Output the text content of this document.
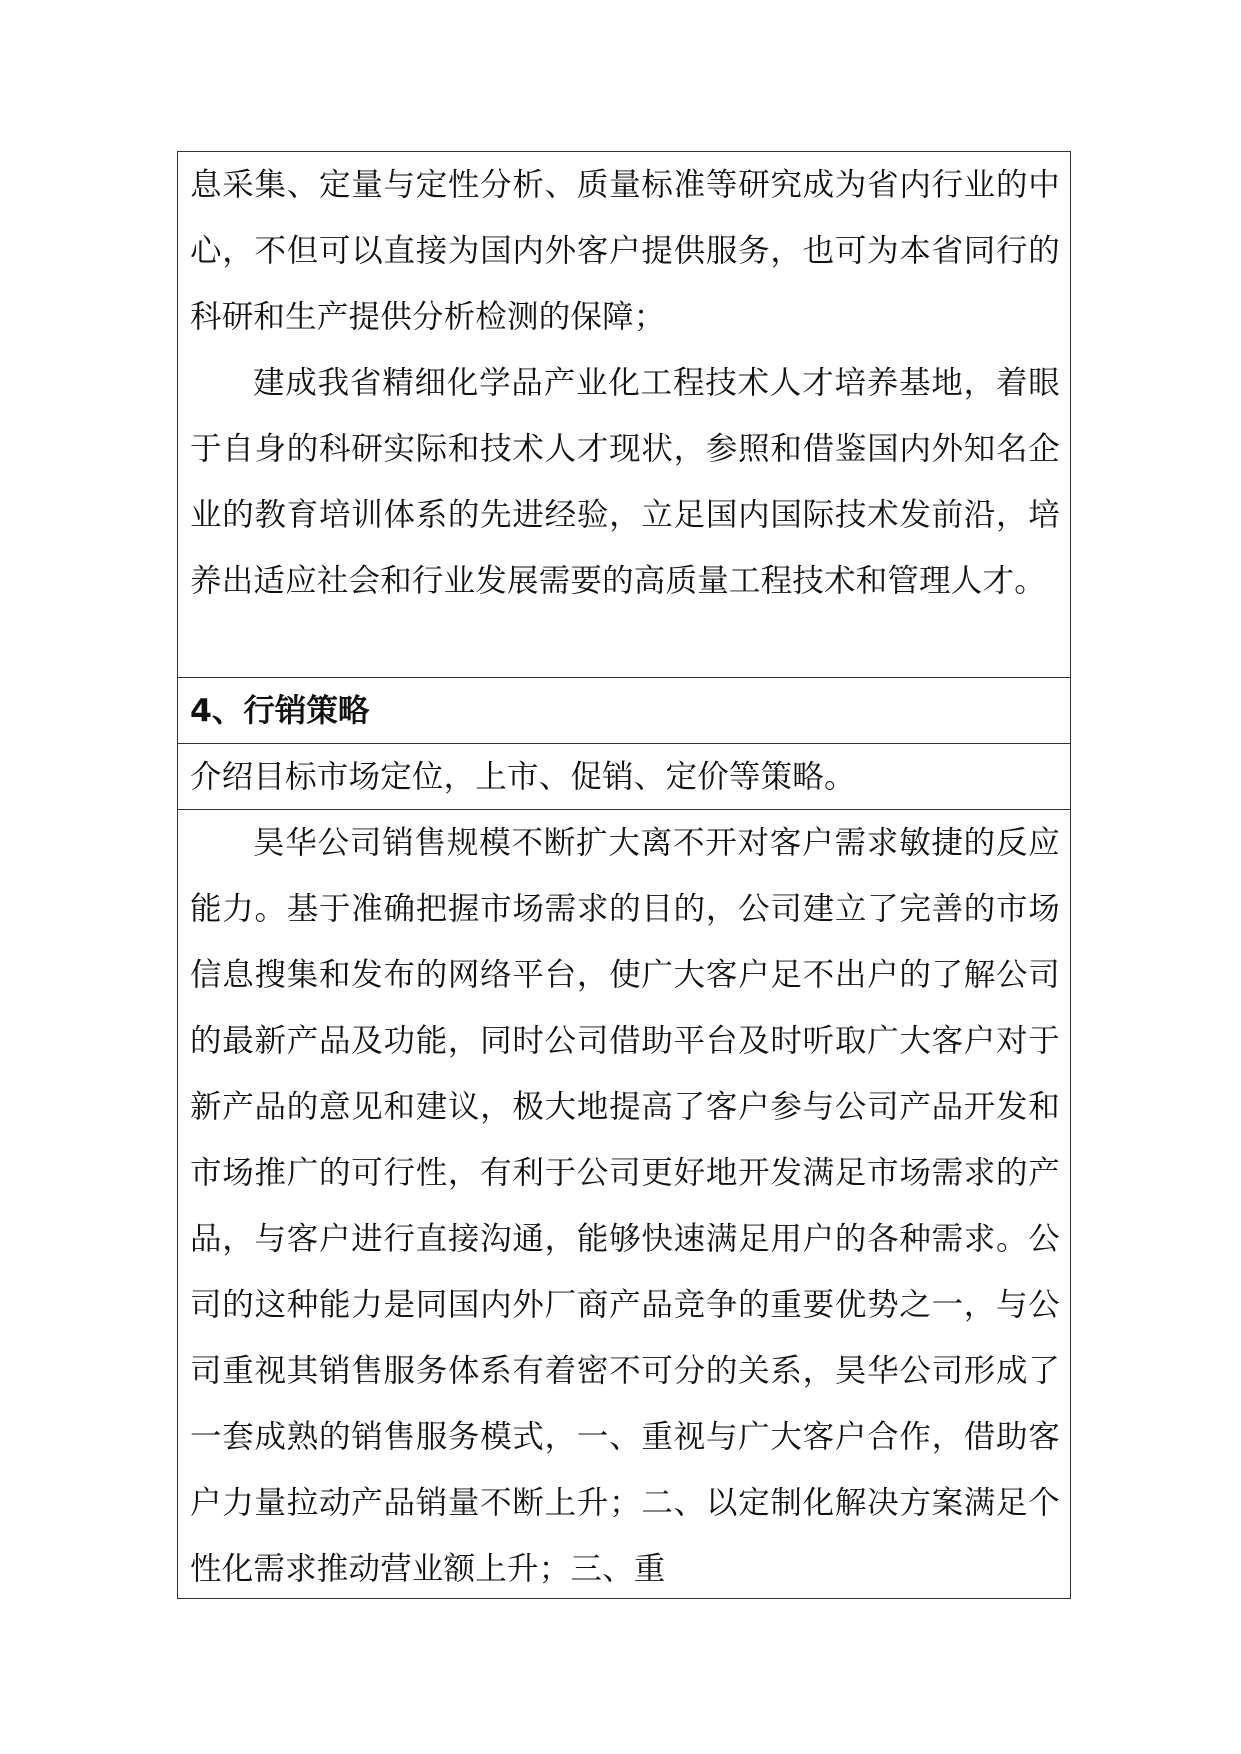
息采集、定量与定性分析、质量标准等研究成为省内行业的中心，不但可以直接为国内外客户提供服务，也可为本省同行的科研和生产提供分析检测的保障；

建成我省精细化学品产业化工程技术人才培养基地，着眼于自身的科研实际和技术人才现状，参照和借鉴国内外知名企业的教育培训体系的先进经验，立足国内国际技术发前沿，培养出适应社会和行业发展需要的高质量工程技术和管理人才。

4、行销策略

介绍目标市场定位，上市、促销、定价等策略。

昊华公司销售规模不断扩大离不开对客户需求敏捷的反应能力。基于准确把握市场需求的目的，公司建立了完善的市场信息搜集和发布的网络平台，使广大客户足不出户的了解公司的最新产品及功能，同时公司借助平台及时听取广大客户对于新产品的意见和建议，极大地提高了客户参与公司产品开发和市场推广的可行性，有利于公司更好地开发满足市场需求的产品，与客户进行直接沟通，能够快速满足用户的各种需求。公司的这种能力是同国内外厂商产品竞争的重要优势之一，与公司重视其销售服务体系有着密不可分的关系，昊华公司形成了一套成熟的销售服务模式，一、重视与广大客户合作，借助客户力量拉动产品销量不断上升；二、以定制化解决方案满足个性化需求推动营业额上升；三、重
